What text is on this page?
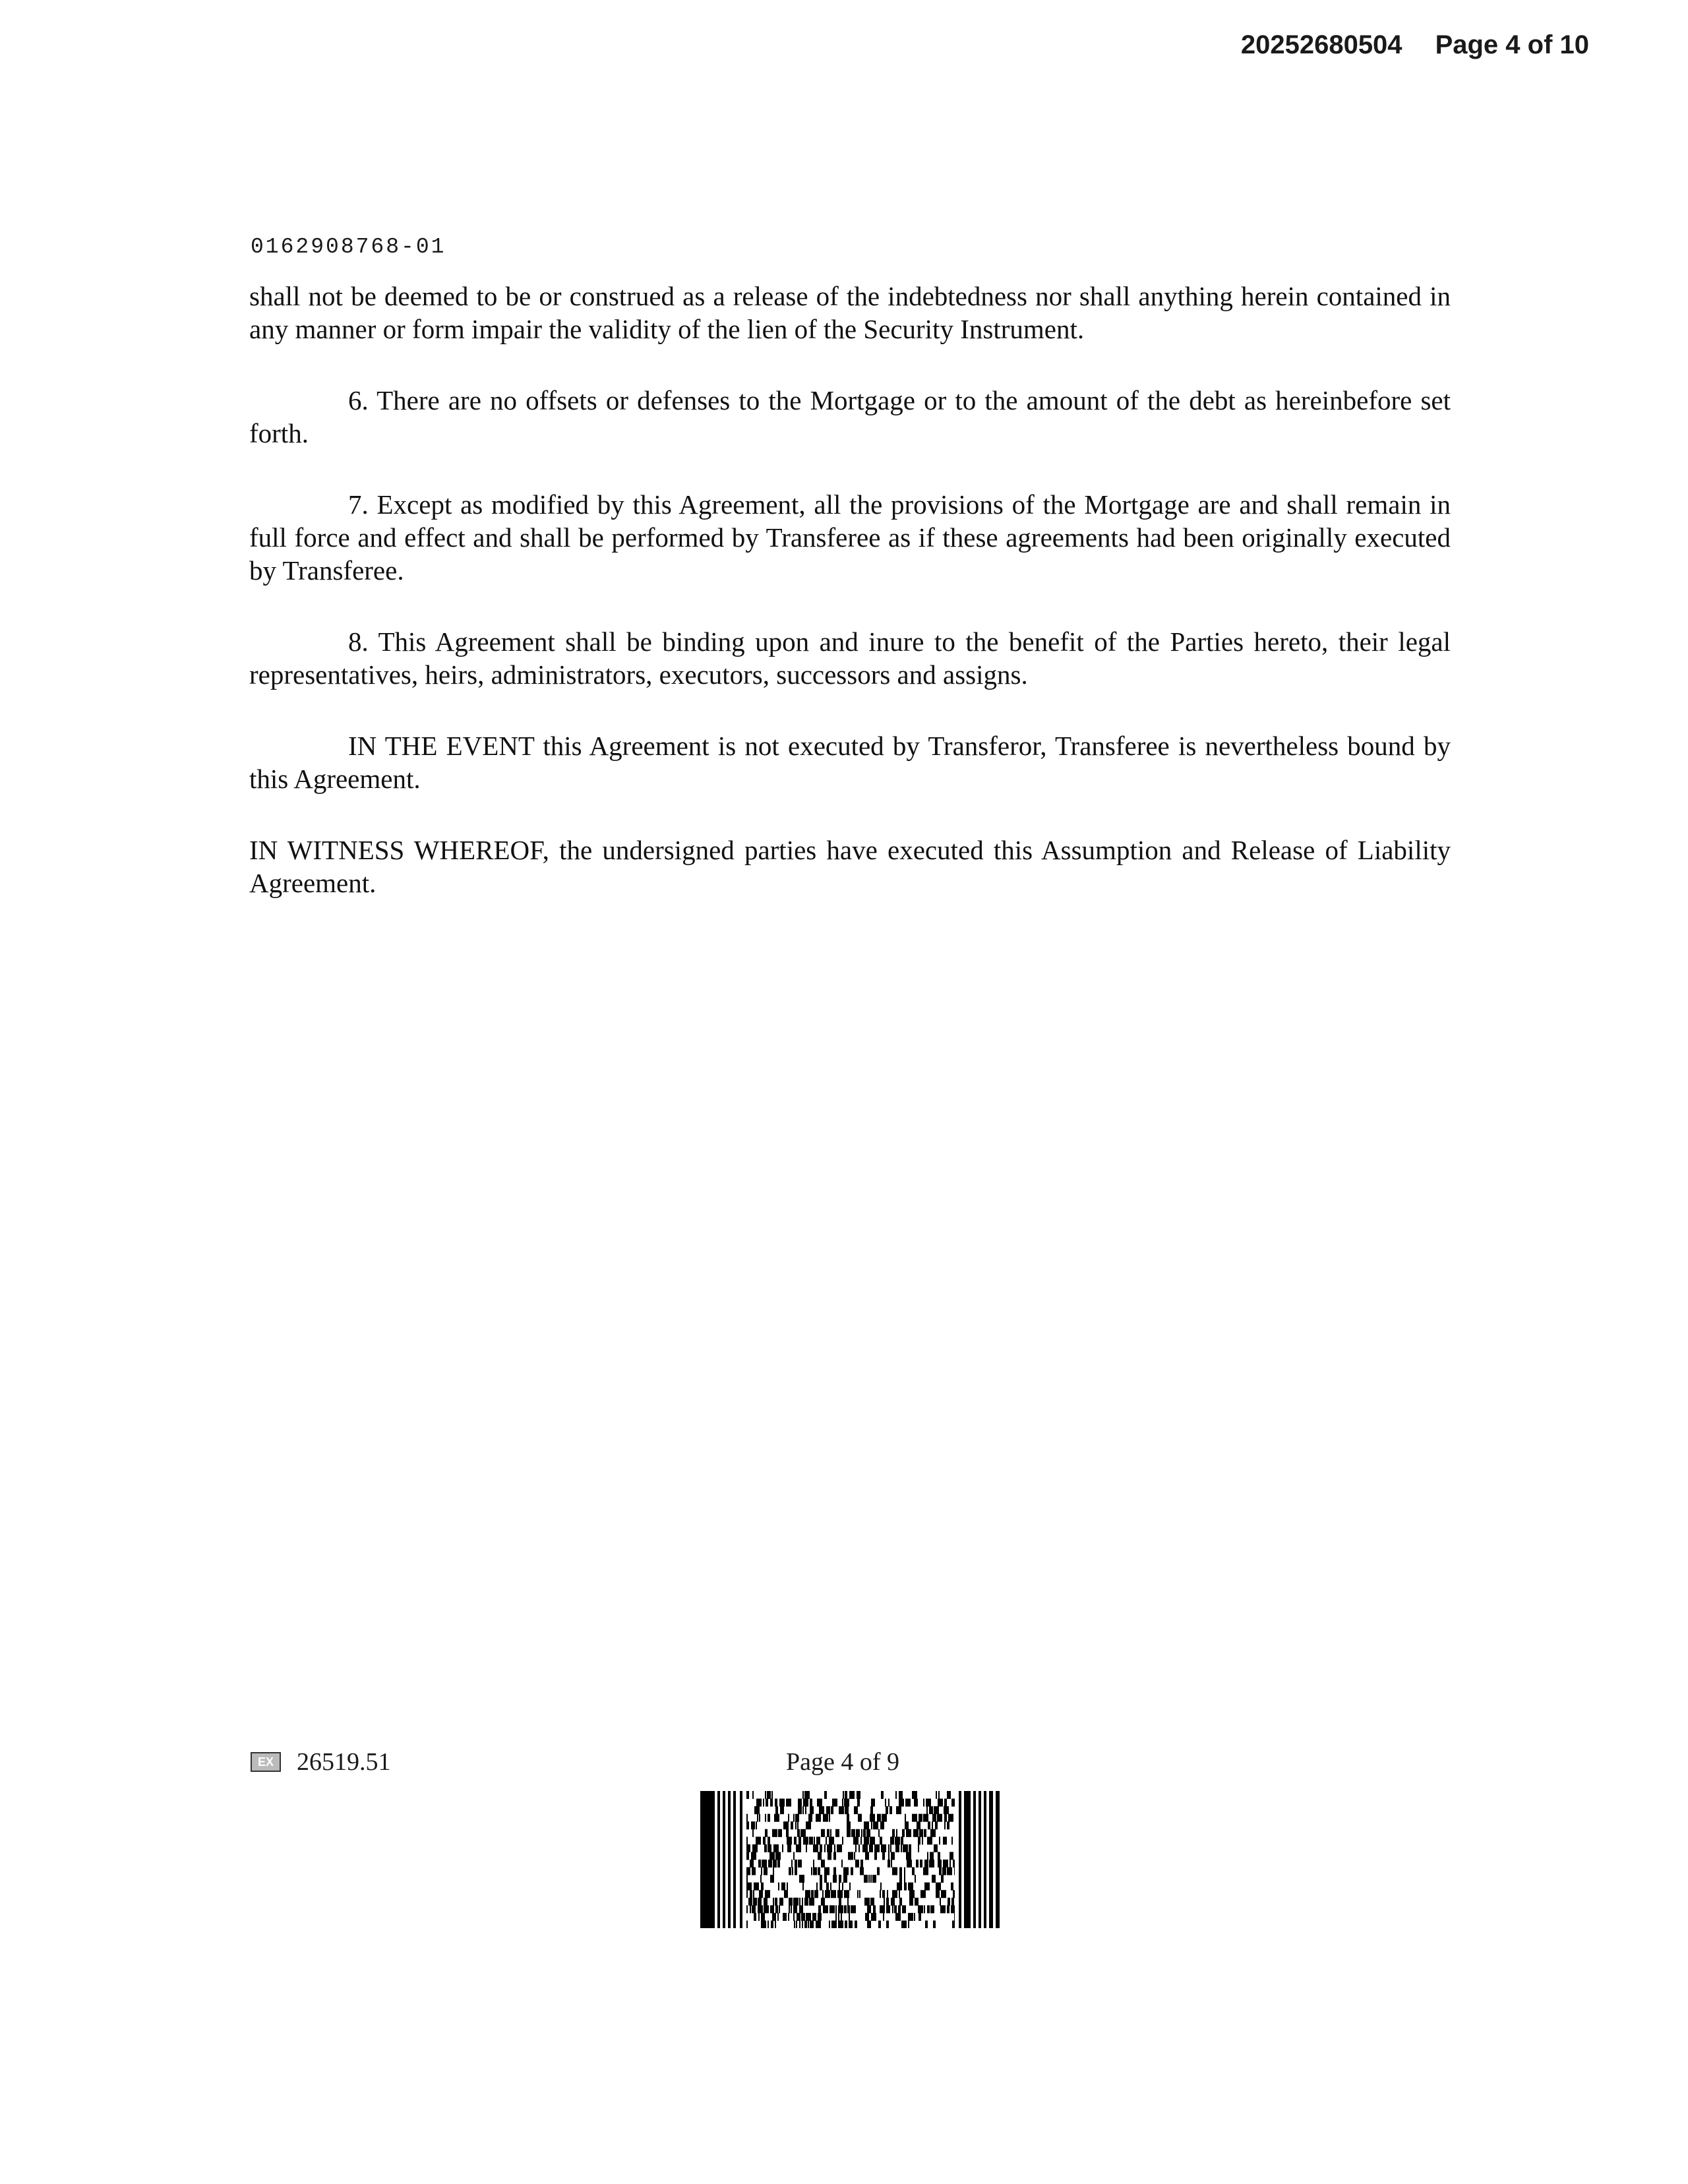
20252680504 Page 4 of 10
0162908768-01

shall not be deemed to be or construed as a release of the indebtedness nor shall anything herein contained in any manner or form impair the validity of the lien of the Security Instrument.

6. There are no offsets or defenses to the Mortgage or to the amount of the debt as hereinbefore set forth.

7. Except as modified by this Agreement, all the provisions of the Mortgage are and shall remain in full force and effect and shall be performed by Transferee as if these agreements had been originally executed by Transferee.

8. This Agreement shall be binding upon and inure to the benefit of the Parties hereto, their legal representatives, heirs, administrators, executors, successors and assigns.

IN THE EVENT this Agreement is not executed by Transferor, Transferee is nevertheless bound by this Agreement.

IN WITNESS WHEREOF, the undersigned parties have executed this Assumption and Release of Liability Agreement.

EX 26519.51	Page 4 of 9
